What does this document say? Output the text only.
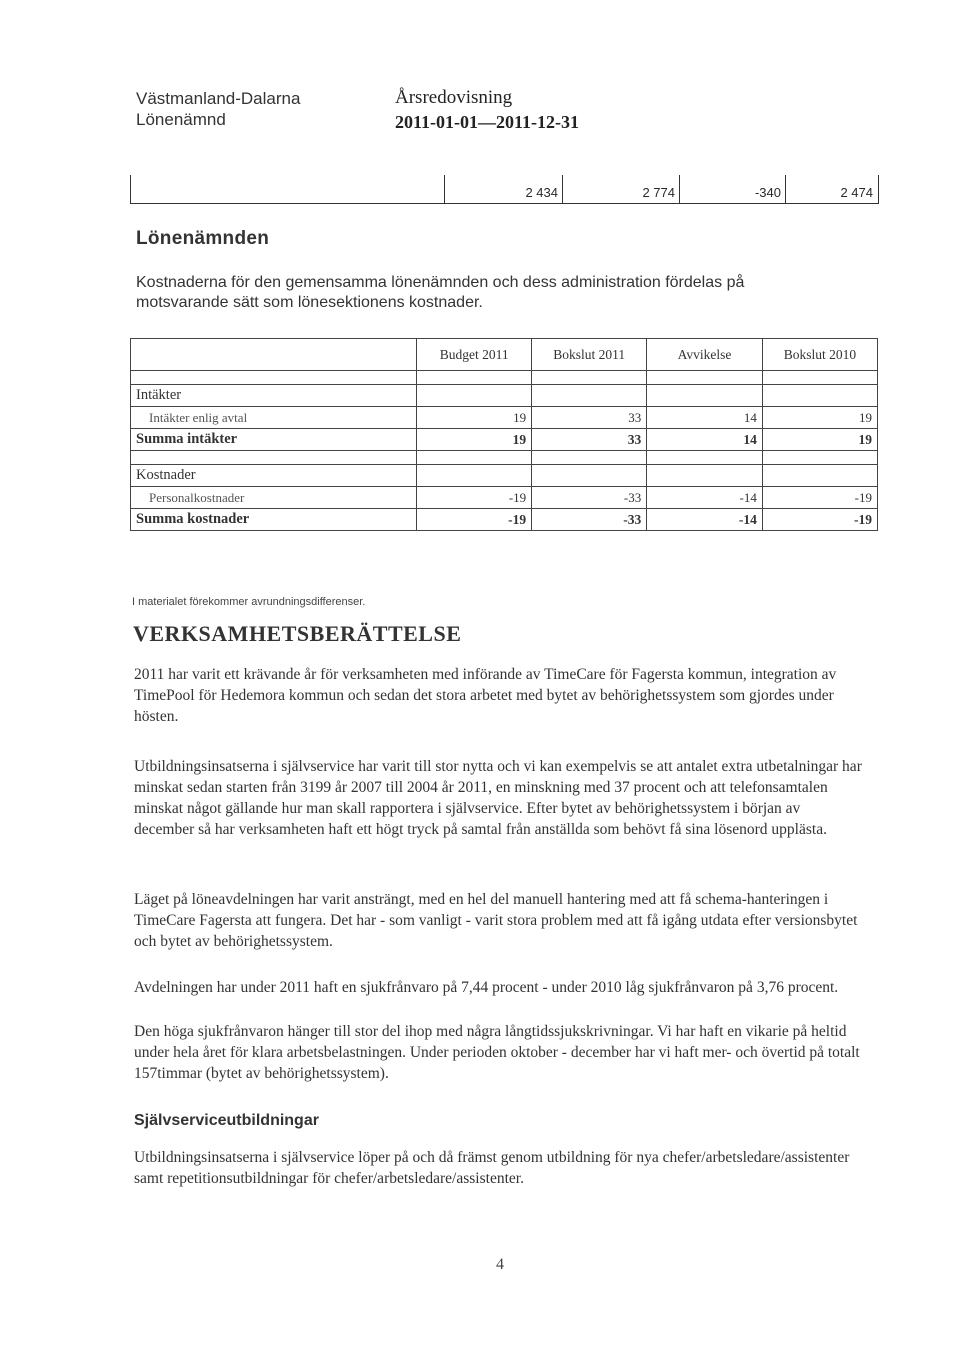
Västmanland-Dalarna
Lönenämnd
Årsredovisning
2011-01-01—2011-12-31
2 434	2 774	-340	2 474
Lönenämnden
Kostnaderna för den gemensamma lönenämnden och dess administration fördelas på motsvarande sätt som lönesektionens kostnader.
	Budget 2011	Bokslut 2011	Avvikelse	Bokslut 2010

Intäkter				
Intäkter enlig avtal	19	33	14	19
Summa intäkter	19	33	14	19

Kostnader				
Personalkostnader	-19	-33	-14	-19
Summa kostnader	-19	-33	-14	-19
I materialet förekommer avrundningsdifferenser.
VERKSAMHETSBERÄTTELSE

2011 har varit ett krävande år för verksamheten med införande av TimeCare för Fagersta kommun, integration av TimePool för Hedemora kommun och sedan det stora arbetet med bytet av behörighetssystem som gjordes under hösten.

Utbildningsinsatserna i självservice har varit till stor nytta och vi kan exempelvis se att antalet extra utbetalningar har minskat sedan starten från 3199 år 2007 till 2004 år 2011, en minskning med 37 procent och att telefonsamtalen minskat något gällande hur man skall rapportera i självservice. Efter bytet av behörighetssystem i början av december så har verksamheten haft ett högt tryck på samtal från anställda som behövt få sina lösenord upplästa.

Läget på löneavdelningen har varit ansträngt, med en hel del manuell hantering med att få schema-hanteringen i TimeCare Fagersta att fungera. Det har - som vanligt - varit stora problem med att få igång utdata efter versionsbytet och bytet av behörighetssystem.

Avdelningen har under 2011 haft en sjukfrånvaro på 7,44 procent - under 2010 låg sjukfrånvaron på 3,76 procent.

Den höga sjukfrånvaron hänger till stor del ihop med några långtidssjukskrivningar. Vi har haft en vikarie på heltid under hela året för klara arbetsbelastningen. Under perioden oktober - december har vi haft mer- och övertid på totalt 157timmar (bytet av behörighetssystem).

Självserviceutbildningar

Utbildningsinsatserna i självservice löper på och då främst genom utbildning för nya chefer/arbetsledare/assistenter samt repetitionsutbildningar för chefer/arbetsledare/assistenter.

4
